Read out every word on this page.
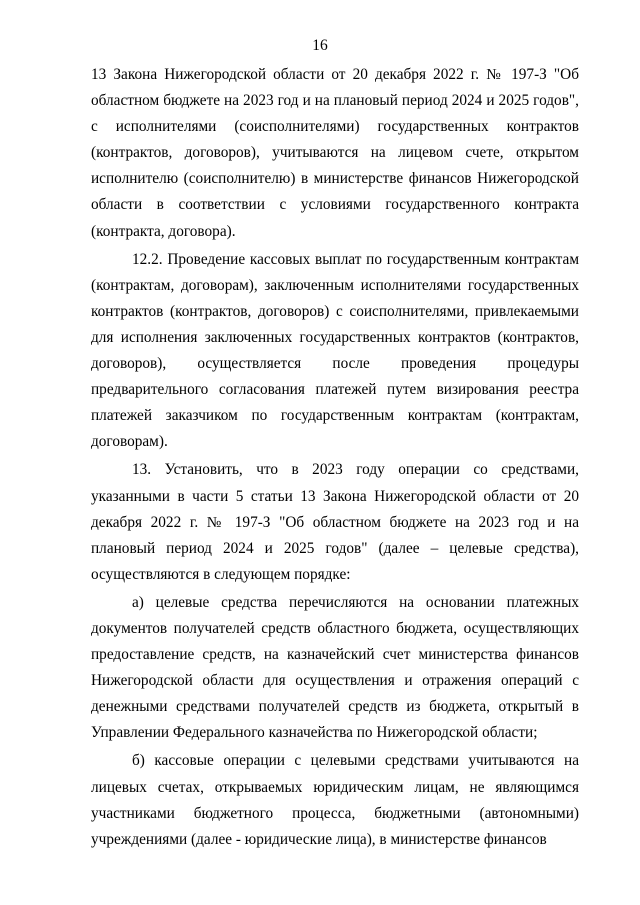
16

13 Закона Нижегородской области от 20 декабря 2022 г. № 197-З "Об областном бюджете на 2023 год и на плановый период 2024 и 2025 годов", с исполнителями (соисполнителями) государственных контрактов (контрактов, договоров), учитываются на лицевом счете, открытом исполнителю (соисполнителю) в министерстве финансов Нижегородской области в соответствии с условиями государственного контракта (контракта, договора).

12.2. Проведение кассовых выплат по государственным контрактам (контрактам, договорам), заключенным исполнителями государственных контрактов (контрактов, договоров) с соисполнителями, привлекаемыми для исполнения заключенных государственных контрактов (контрактов, договоров), осуществляется после проведения процедуры предварительного согласования платежей путем визирования реестра платежей заказчиком по государственным контрактам (контрактам, договорам).

13. Установить, что в 2023 году операции со средствами, указанными в части 5 статьи 13 Закона Нижегородской области от 20 декабря 2022 г. № 197-З "Об областном бюджете на 2023 год и на плановый период 2024 и 2025 годов" (далее – целевые средства), осуществляются в следующем порядке:

а) целевые средства перечисляются на основании платежных документов получателей средств областного бюджета, осуществляющих предоставление средств, на казначейский счет министерства финансов Нижегородской области для осуществления и отражения операций с денежными средствами получателей средств из бюджета, открытый в Управлении Федерального казначейства по Нижегородской области;

б) кассовые операции с целевыми средствами учитываются на лицевых счетах, открываемых юридическим лицам, не являющимся участниками бюджетного процесса, бюджетными (автономными) учреждениями (далее - юридические лица), в министерстве финансов
